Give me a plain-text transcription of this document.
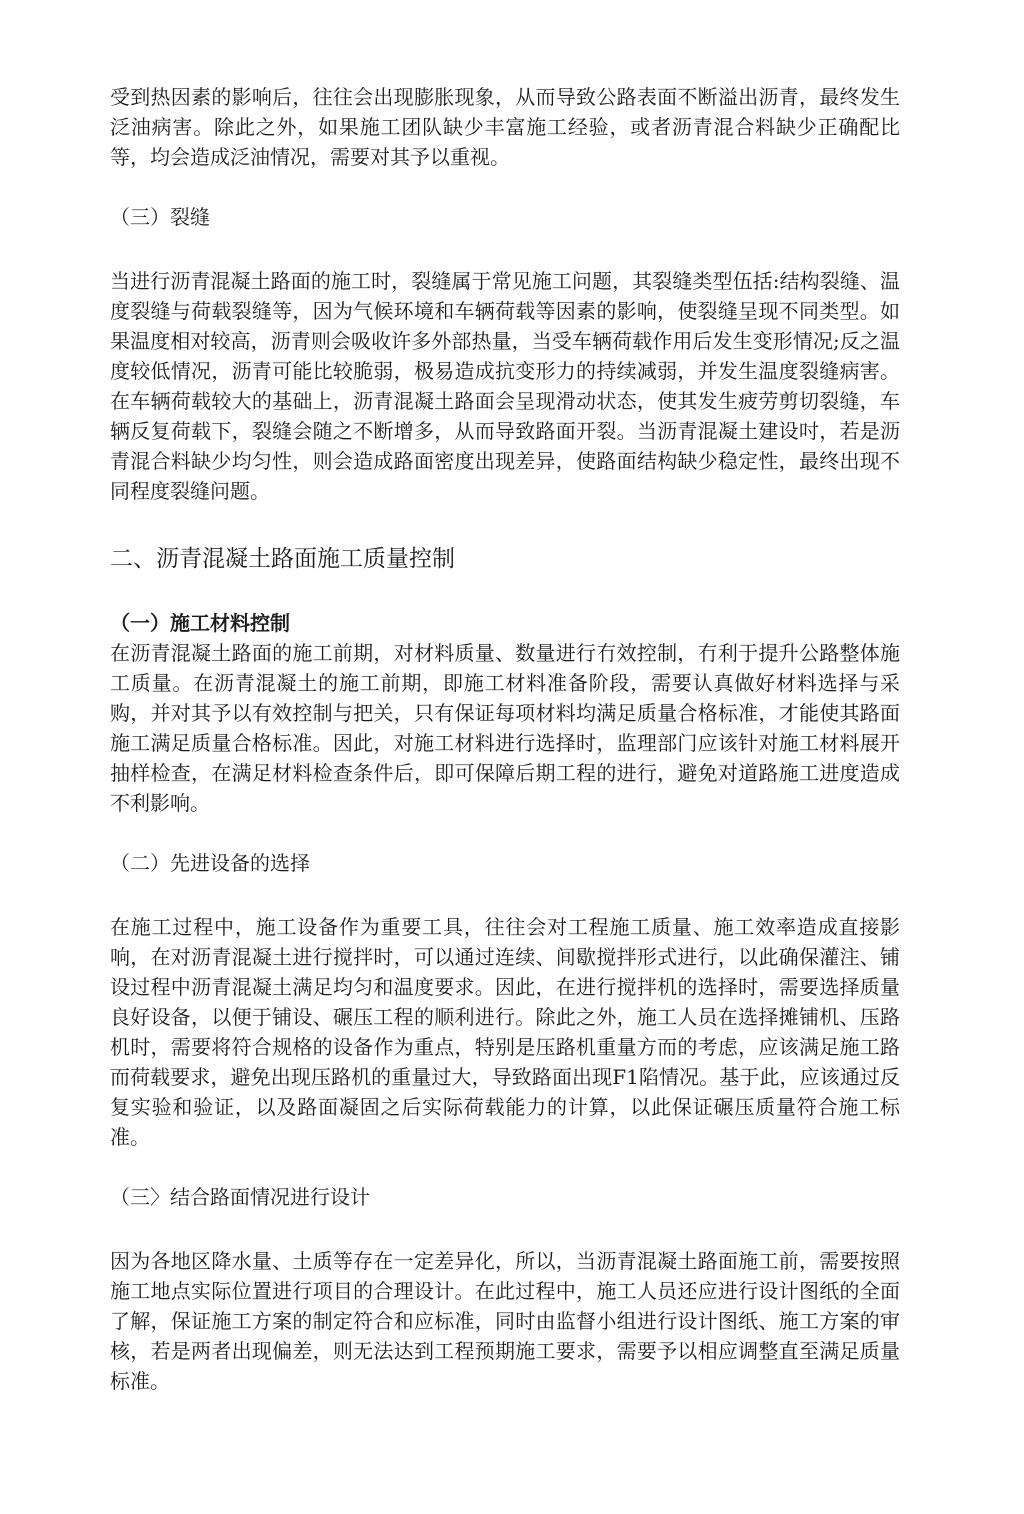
受到热因素的影响后，往往会出现膨胀现象，从而导致公路表面不断溢出沥青，最终发生泛油病害。除此之外，如果施工团队缺少丰富施工经验，或者沥青混合料缺少正确配比等，均会造成泛油情况，需要对其予以重视。

（三）裂缝

当进行沥青混凝土路面的施工时，裂缝属于常见施工问题，其裂缝类型伍括:结构裂缝、温度裂缝与荷载裂缝等，因为气候环境和车辆荷载等因素的影响，使裂缝呈现不同类型。如果温度相对较高，沥青则会吸收许多外部热量，当受车辆荷载作用后发生变形情况;反之温度较低情况，沥青可能比较脆弱，极易造成抗变形力的持续减弱，并发生温度裂缝病害。在车辆荷载较大的基础上，沥青混凝土路面会呈现滑动状态，使其发生疲劳剪切裂缝，车辆反复荷载下，裂缝会随之不断增多，从而导致路面开裂。当沥青混凝土建设吋，若是沥青混合料缺少均匀性，则会造成路面密度出现差异，使路面结构缺少稳定性，最终出现不同程度裂缝问题。

二、沥青混凝土路面施工质量控制

（一）施工材料控制

在沥青混凝土路面的施工前期，对材料质量、数量进行冇效控制，冇利于提升公路整体施工质量。在沥青混凝土的施工前期，即施工材料准备阶段，需要认真做好材料选择与采购，并对其予以有效控制与把关，只有保证每项材料均满足质量合格标准，才能使其路面施工满足质量合格标准。因此，对施工材料进行选择时，监理部门应该针对施工材料展开抽样检查，在满足材料检查条件后，即可保障后期工程的进行，避免对道路施工进度造成不利影响。

（二）先进设备的选择

在施工过程中，施工设备作为重要工具，往往会对工程施工质量、施工效率造成直接影响，在对沥青混凝土进行搅拌时，可以通过连续、间歇搅拌形式进行，以此确保灌注、铺设过程中沥青混凝土满足均匀和温度要求。因此，在进行搅拌机的选择时，需要选择质量良好设备，以便于铺设、碾压工程的顺利进行。除此之外，施工人员在选择摊铺机、压路机时，需要将符合规格的设备作为重点，特别是压路机重量方而的考虑，应该满足施工路而荷载要求，避免出现压路机的重量过大，导致路面出现F1陷情况。基于此，应该通过反复实验和验证，以及路面凝固之后实际荷载能力的计算，以此保证碾压质量符合施工标准。

（三〉结合路面情况进行设计

因为各地区降水量、土质等存在一定差异化，所以，当沥青混凝土路面施工前，需要按照施工地点实际位置进行项目的合理设计。在此过程中，施工人员还应进行设计图纸的全面了解，保证施工方案的制定符合和应标准，同时由监督小组进行设计图纸、施工方案的审核，若是两者出现偏差，则无法达到工程预期施工要求，需要予以相应调整直至满足质量标准。
